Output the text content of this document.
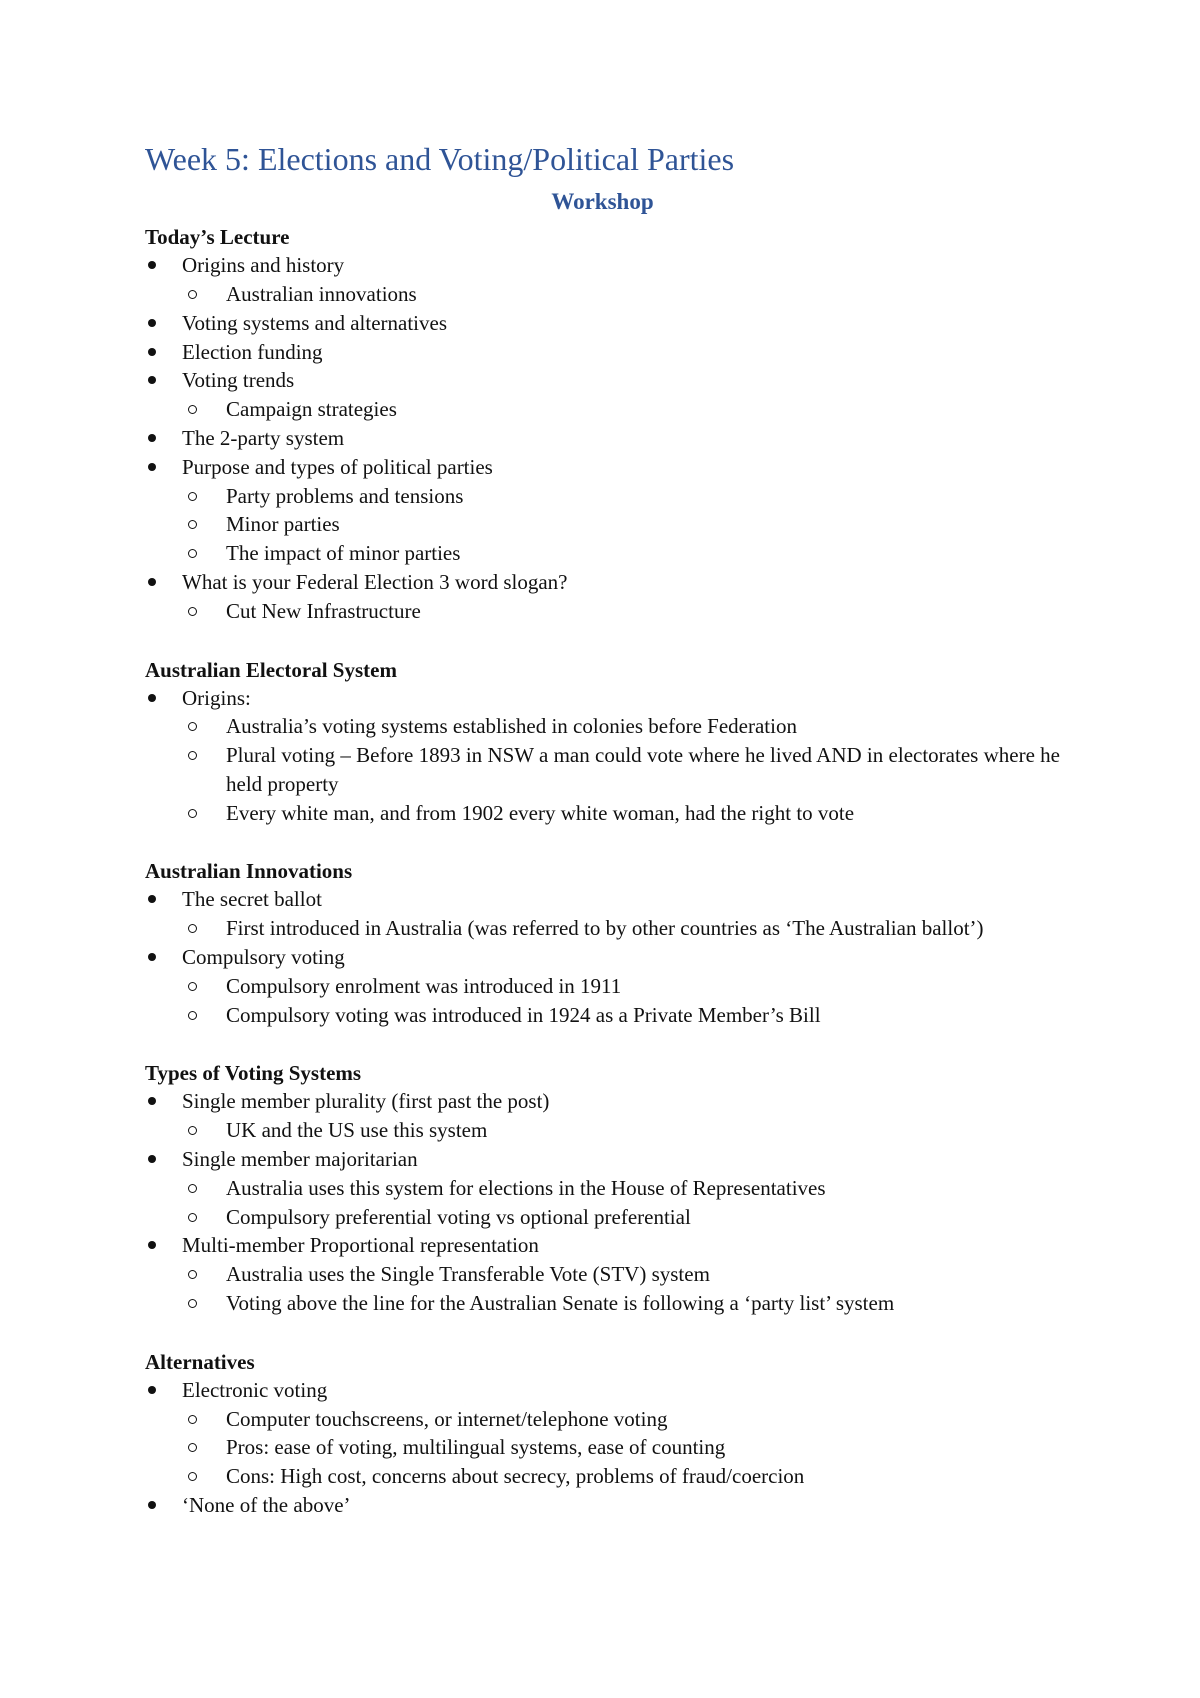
Week 5: Elections and Voting/Political Parties
Workshop
Today’s Lecture
Origins and history
Australian innovations
Voting systems and alternatives
Election funding
Voting trends
Campaign strategies
The 2-party system
Purpose and types of political parties
Party problems and tensions
Minor parties
The impact of minor parties
What is your Federal Election 3 word slogan?
Cut New Infrastructure
Australian Electoral System
Origins:
Australia’s voting systems established in colonies before Federation
Plural voting – Before 1893 in NSW a man could vote where he lived AND in electorates where he held property
Every white man, and from 1902 every white woman, had the right to vote
Australian Innovations
The secret ballot
First introduced in Australia (was referred to by other countries as ‘The Australian ballot’)
Compulsory voting
Compulsory enrolment was introduced in 1911
Compulsory voting was introduced in 1924 as a Private Member’s Bill
Types of Voting Systems
Single member plurality (first past the post)
UK and the US use this system
Single member majoritarian
Australia uses this system for elections in the House of Representatives
Compulsory preferential voting vs optional preferential
Multi-member Proportional representation
Australia uses the Single Transferable Vote (STV) system
Voting above the line for the Australian Senate is following a ‘party list’ system
Alternatives
Electronic voting
Computer touchscreens, or internet/telephone voting
Pros: ease of voting, multilingual systems, ease of counting
Cons: High cost, concerns about secrecy, problems of fraud/coercion
‘None of the above’
